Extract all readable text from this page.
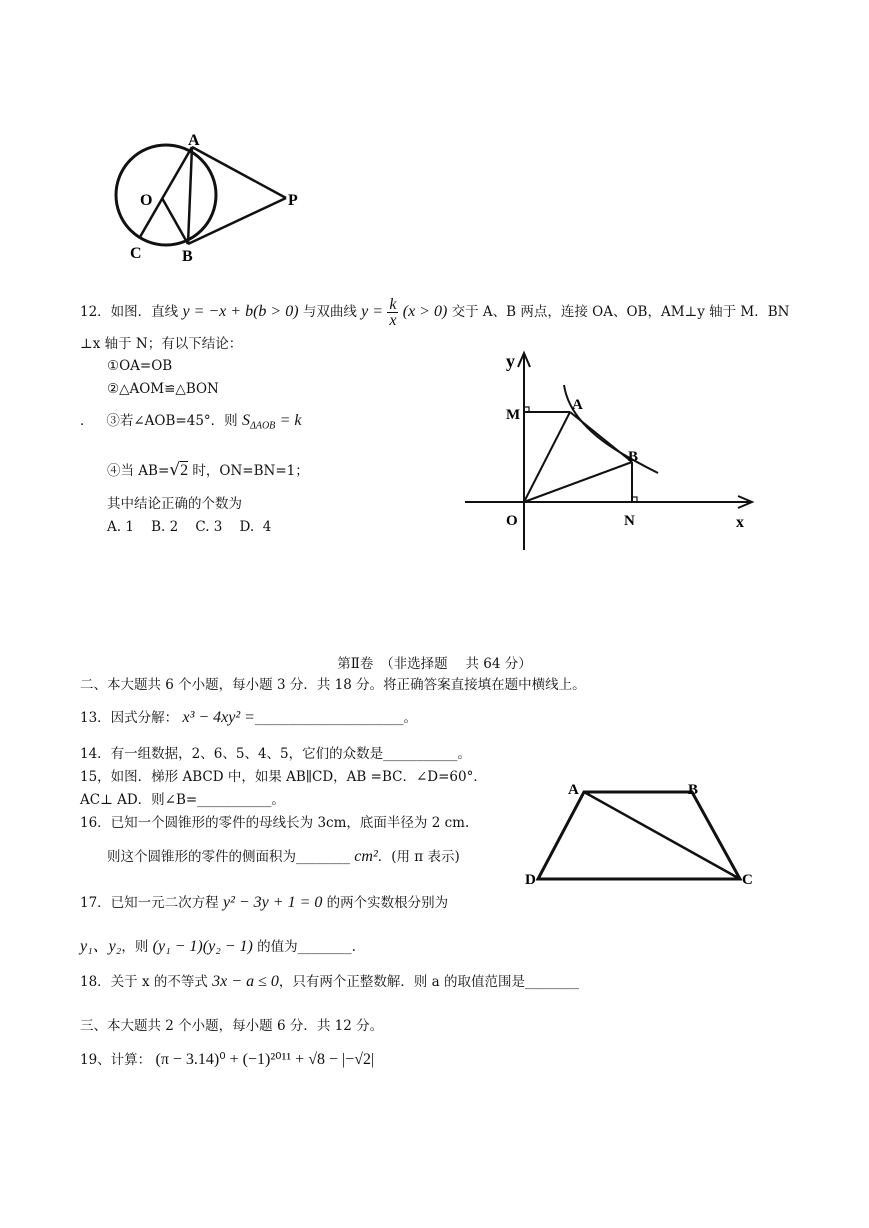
A
O	P
C	B
12．如图．直线 y = −x + b(b > 0) 与双曲线 $y = \frac{k}{x} (x > 0)$ 交于 A、B 两点，连接 OA、OB，AM⊥y 轴于 M．BN
⊥x 轴于 N；有以下结论：
①OA=OB
②△AOM≌△BON
． ③若∠AOB=45°．则 $S_{\Delta AOB} = k$
④当 AB=√2 时，ON=BN=1；
其中结论正确的个数为
A. 1    B. 2    C. 3    D.  4
y
M
A
B
O	N	x
第Ⅱ卷　（非选择题　 共 64 分）
二、本大题共 6 个小题，每小题 3 分．共 18 分。将正确答案直接填在题中横线上。
13．因式分解： x³ − 4xy² =______________________。
14．有一组数据，2、6、5、4、5，它们的众数是___________。
15，如图．梯形 ABCD 中，如果 AB∥CD，AB =BC．∠D=60°．
AC⊥ AD．则∠B=___________。
A	B
C
D
16．已知一个圆锥形的零件的母线长为 3cm，底面半径为 2 cm.
则这个圆锥形的零件的侧面积为________ cm²．(用 π 表示)
17．已知一元二次方程 y² − 3y + 1 = 0 的两个实数根分别为
y₁、y₂，则 (y₁ − 1)(y₂ − 1) 的值为________.
18．关于 x 的不等式 3x − a ≤ 0，只有两个正整数解．则 a 的取值范围是________
三、本大题共 2 个小题，每小题 6 分．共 12 分。
19、计算： (π − 3.14)⁰ + (−1)²⁰¹¹ + √8 − |−√2|
